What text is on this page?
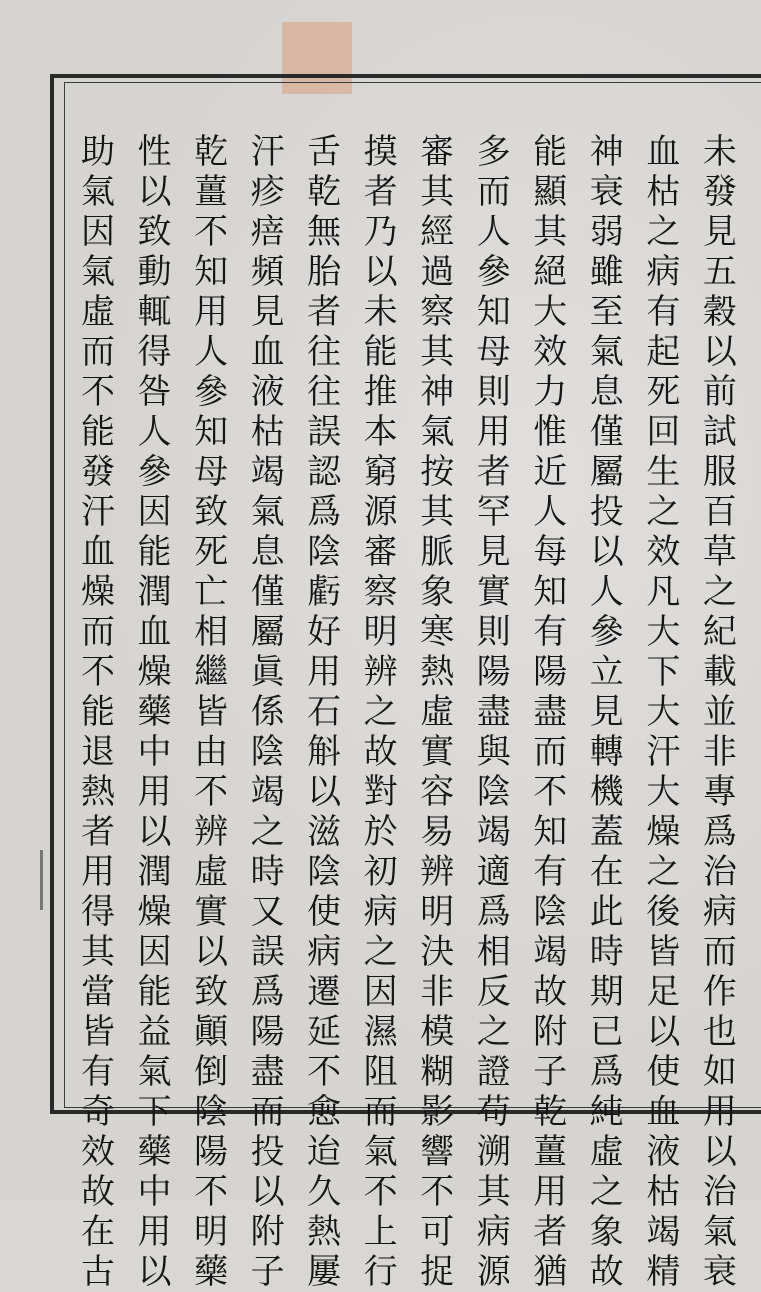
未
發
見
五
穀
以
前
試
服
百
草
之
紀
載
並
非
專
爲
治
病
而
作
也
如
用
以
治
氣
衰
血
枯
之
病
有
起
死
回
生
之
效
凡
大
下
大
汗
大
燥
之
後
皆
足
以
使
血
液
枯
竭
精
神
衰
弱
雖
至
氣
息
僅
屬
投
以
人
參
立
見
轉
機
蓋
在
此
時
期
已
爲
純
虛
之
象
故
能
顯
其
絕
大
效
力
惟
近
人
每
知
有
陽
盡
而
不
知
有
陰
竭
故
附
子
乾
薑
用
者
猶
多
而
人
參
知
母
則
用
者
罕
見
實
則
陽
盡
與
陰
竭
適
爲
相
反
之
證
苟
溯
其
病
源
審
其
經
過
察
其
神
氣
按
其
脈
象
寒
熱
虛
實
容
易
辨
明
決
非
模
糊
影
響
不
可
捉
摸
者
乃
以
未
能
推
本
窮
源
審
察
明
辨
之
故
對
於
初
病
之
因
濕
阻
而
氣
不
上
行
舌
乾
無
胎
者
往
往
誤
認
爲
陰
虧
好
用
石
斛
以
滋
陰
使
病
遷
延
不
愈
迨
久
熱
屢
汗
疹
㾦
頻
見
血
液
枯
竭
氣
息
僅
屬
眞
係
陰
竭
之
時
又
誤
爲
陽
盡
而
投
以
附
子
乾
薑
不
知
用
人
參
知
母
致
死
亡
相
繼
皆
由
不
辨
虛
實
以
致
顚
倒
陰
陽
不
明
藥
性
以
致
動
輒
得
咎
人
參
因
能
潤
血
燥
藥
中
用
以
潤
燥
因
能
益
氣
下
藥
中
用
以
助
氣
因
氣
虛
而
不
能
發
汗
血
燥
而
不
能
退
熱
者
用
得
其
當
皆
有
奇
效
故
在
古
